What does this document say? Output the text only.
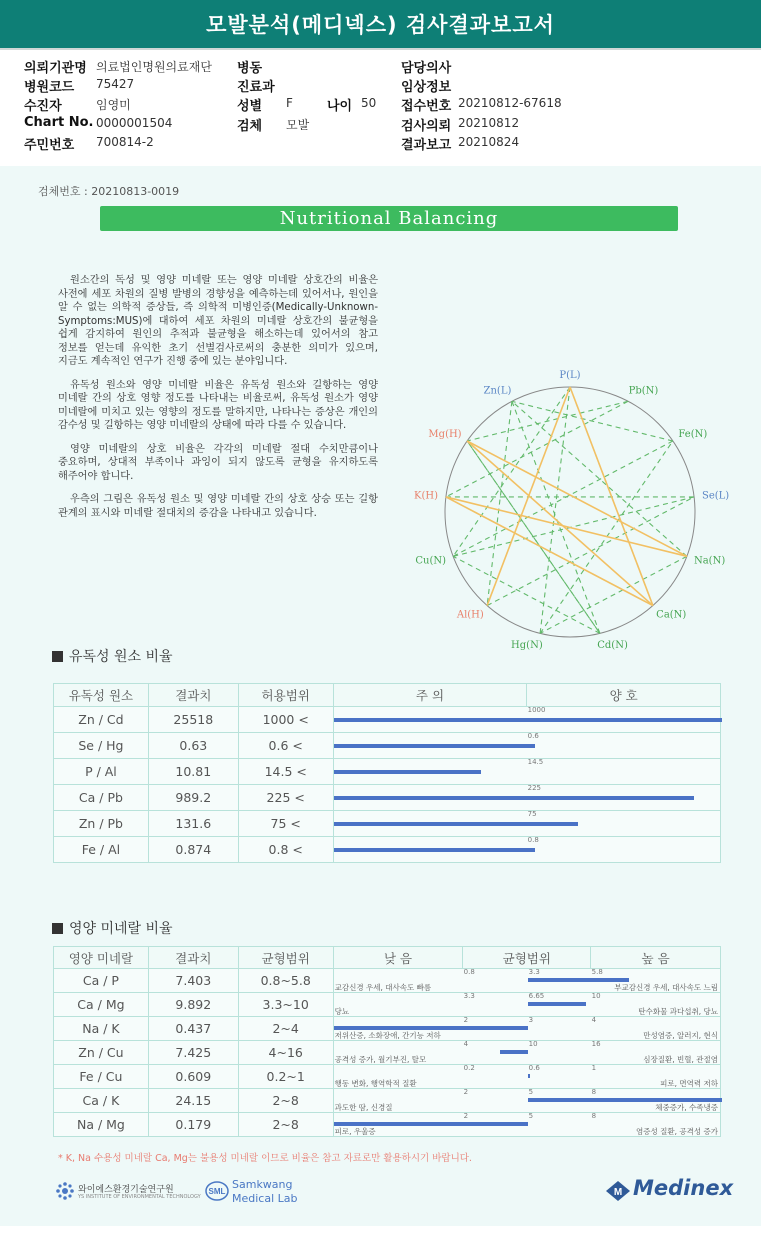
모발분석(메디넥스) 검사결과보고서
의뢰기관명 의료법인명원의료재단 병동	담당의사
병원코드 75427	진료과	임상정보
수진자	임영미	성별 F	나이 50 접수번호 20210812-67618
Chart No. 0000001504	검체 모발	검사의뢰 20210812
주민번호 700814-2	결과보고 20210824
검체번호 : 20210813-0019
Nutritional Balancing

원소간의 독성 및 영양 미네랄 또는 영양 미네랄 상호간의 비율은 사전에 세포 차원의 질병 발병의 경향성을 예측하는데 있어서나, 원인을 알 수 없는 의학적 증상들, 즉 의학적 미병인증(Medically-Unknown-Symptoms:MUS)에 대하여 세포 차원의 미네랄 상호간의 불균형을 쉽게 감지하여 원인의 추적과 불균형을 해소하는데 있어서의 참고 정보를 얻는데 유익한 초기 선별검사로써의 충분한 의미가 있으며, 지금도 계속적인 연구가 진행 중에 있는 분야입니다.

유독성 원소와 영양 미네랄 비율은 유독성 원소와 길항하는 영양 미네랄 간의 상호 영향 정도를 나타내는 비율로써, 유독성 원소가 영양 미네랄에 미치고 있는 영향의 정도를 말하지만, 나타나는 증상은 개인의 감수성 및 길항하는 영양 미네랄의 상태에 따라 다를 수 있습니다.

영양 미네랄의 상호 비율은 각각의 미네랄 절대 수치만큼이나 중요하며, 상대적 부족이나 과잉이 되지 않도록 균형을 유지하도록 해주어야 합니다.

우측의 그림은 유독성 원소 및 영양 미네랄 간의 상호 상승 또는 길항 관계의 표시와 미네랄 절대치의 증감을 나타내고 있습니다.

P(L)
Pb(N)
Fe(N)
Se(L)
Na(N)
Ca(N)
Cd(N)
Hg(N)
Al(H)
Cu(N)
K(H)
Mg(H)
Zn(L)
유독성 원소 비율
유독성 원소	결과치	허용범위	주 의	양 호
Zn / Cd	25518	1000 <	1000	

Se / Hg	0.63	0.6 <	0.6	

P / Al	10.81	14.5 <	14.5	

Ca / Pb	989.2	225 <	225	

Zn / Pb	131.6	75 <	75	

Fe / Al	0.874	0.8 <	0.8	
영양 미네랄 비율
영양 미네랄	결과치	균형범위	낮 음	균형범위	높 음
Ca / P	7.403	0.8~5.8	0.8 3.3 5.8
교감신경 우세, 대사속도 빠름 부교감신경 우세, 대사속도 느림		

Ca / Mg	9.892	3.3~10	3.3 6.65 10
당뇨 탄수화물 과다섭취, 당뇨		

Na / K	0.437	2~4	2 3 4
저위산증, 소화장애, 간기능 저하 만성염증, 알러지, 현식		

Zn / Cu	7.425	4~16	4 10 16
공격성 증가, 월기부진, 탈모 심장질환, 빈혈, 관절염		

Fe / Cu	0.609	0.2~1	0.2 0.6 1
행동 변화, 행역학적 질환 피로, 면역력 저하		

Ca / K	24.15	2~8	2 5 8
과도한 땀, 신경질 체중증가, 수족냉증		

Na / Mg	0.179	2~8	2 5 8
피로, 우울증 염증성 질환, 공격성 증가		
* K, Na 수용성 미네랄 Ca, Mg는 불용성 미네랄 이므로 비율은 참고 자료로만 활용하시기 바랍니다.
와이에스환경기술연구원
YS INSTITUTE OF ENVIRONMENTAL TECHNOLOGY
SML
Samkwang
Medical Lab	M Medinex
